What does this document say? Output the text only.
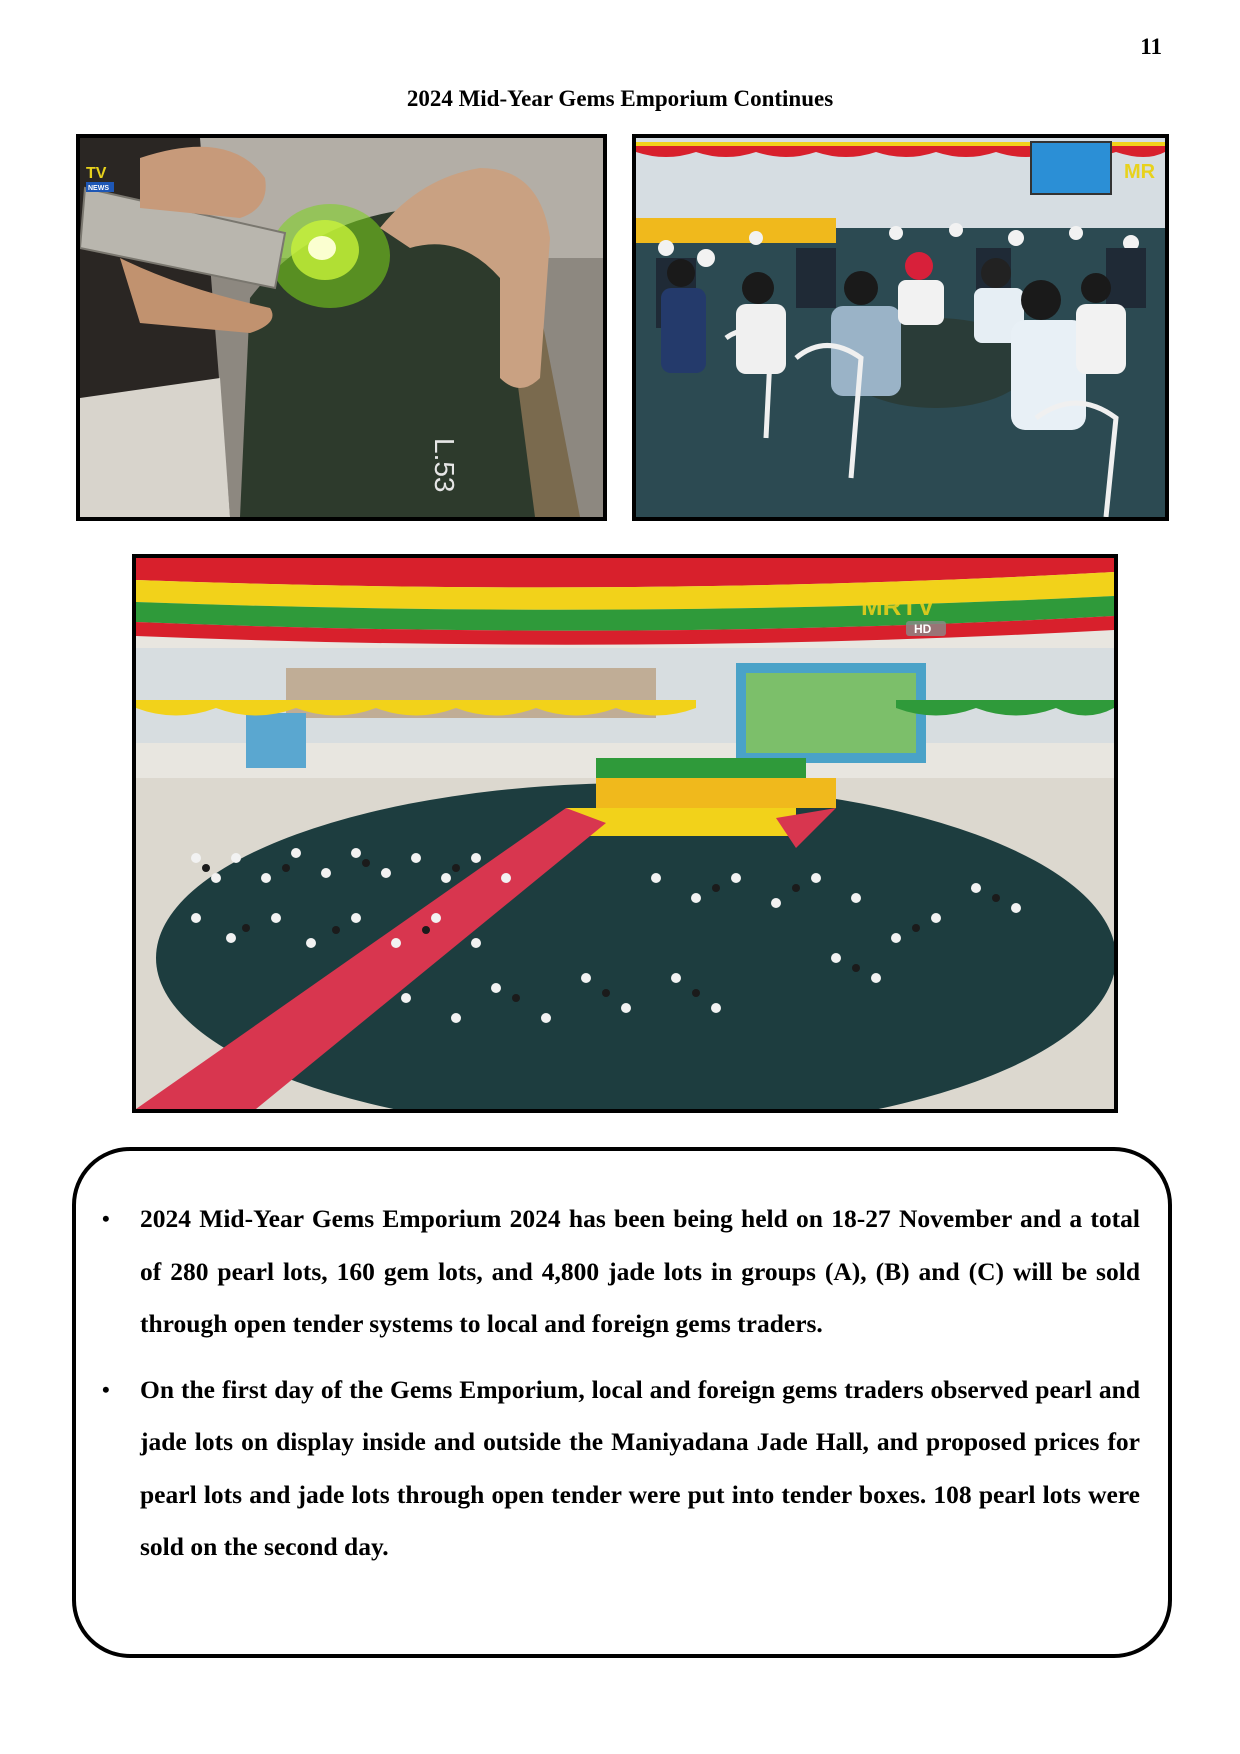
11
2024 Mid-Year Gems Emporium Continues
L.53
TV
NEWS
MR
MRTV
HD
• 2024 Mid-Year Gems Emporium 2024 has been being held on 18-27 November and a total of 280 pearl lots, 160 gem lots, and 4,800 jade lots in groups (A), (B) and (C) will be sold through open tender systems to local and foreign gems traders.
• On the first day of the Gems Emporium, local and foreign gems traders observed pearl and jade lots on display inside and outside the Maniyadana Jade Hall, and proposed prices for pearl lots and jade lots through open tender were put into tender boxes. 108 pearl lots were sold on the second day.
